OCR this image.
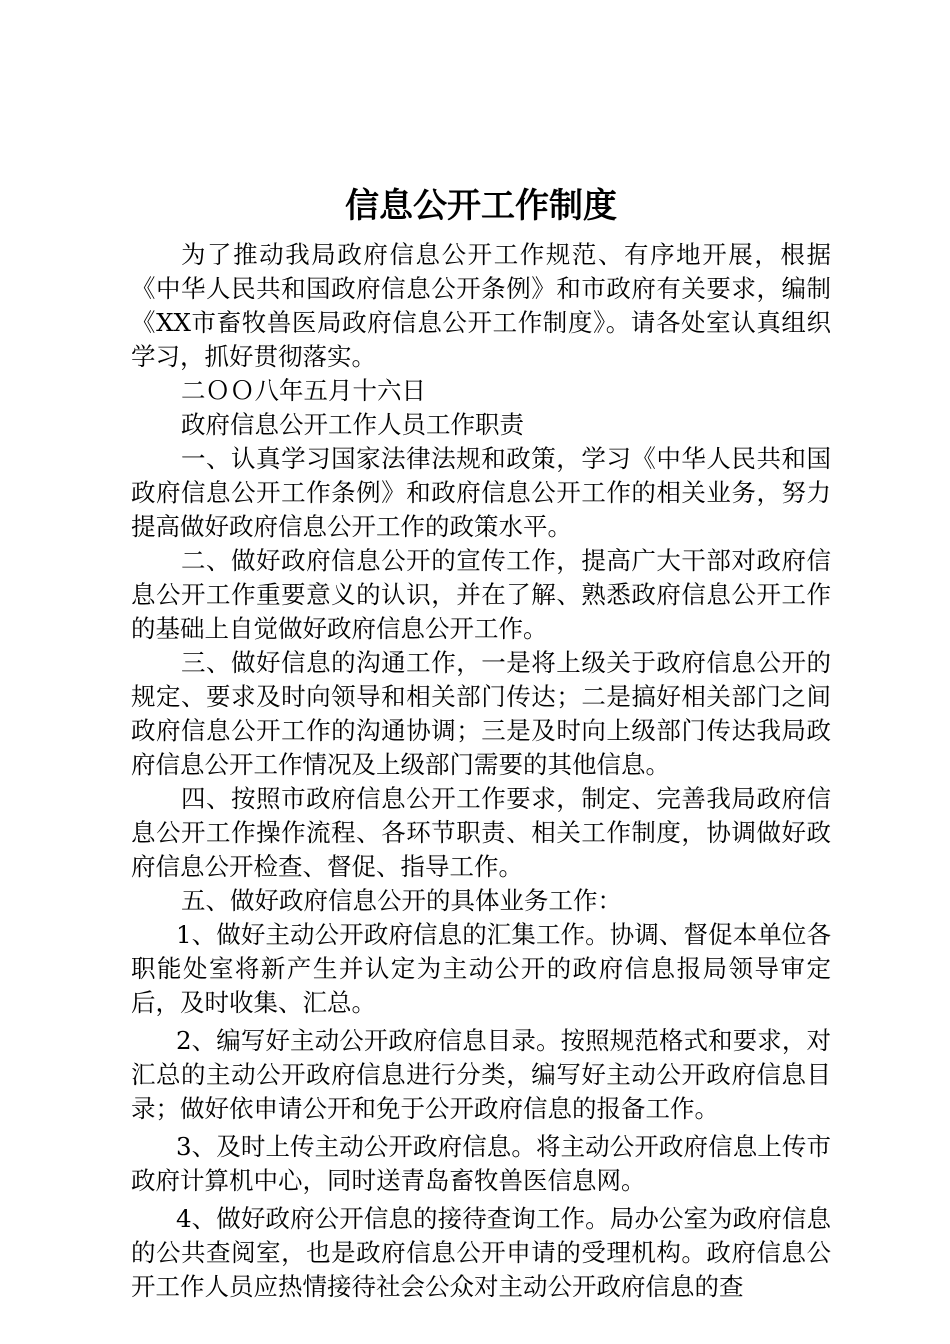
信息公开工作制度

为了推动我局政府信息公开工作规范、有序地开展，根据《中华人民共和国政府信息公开条例》和市政府有关要求，编制《XX市畜牧兽医局政府信息公开工作制度》。请各处室认真组织学习，抓好贯彻落实。

二ＯＯ八年五月十六日

政府信息公开工作人员工作职责

一、认真学习国家法律法规和政策，学习《中华人民共和国政府信息公开工作条例》和政府信息公开工作的相关业务，努力提高做好政府信息公开工作的政策水平。

二、做好政府信息公开的宣传工作，提高广大干部对政府信息公开工作重要意义的认识，并在了解、熟悉政府信息公开工作的基础上自觉做好政府信息公开工作。

三、做好信息的沟通工作，一是将上级关于政府信息公开的规定、要求及时向领导和相关部门传达；二是搞好相关部门之间政府信息公开工作的沟通协调；三是及时向上级部门传达我局政府信息公开工作情况及上级部门需要的其他信息。

四、按照市政府信息公开工作要求，制定、完善我局政府信息公开工作操作流程、各环节职责、相关工作制度，协调做好政府信息公开检查、督促、指导工作。

五、做好政府信息公开的具体业务工作：

1、做好主动公开政府信息的汇集工作。协调、督促本单位各职能处室将新产生并认定为主动公开的政府信息报局领导审定后，及时收集、汇总。

2、编写好主动公开政府信息目录。按照规范格式和要求，对汇总的主动公开政府信息进行分类，编写好主动公开政府信息目录；做好依申请公开和免于公开政府信息的报备工作。

3、及时上传主动公开政府信息。将主动公开政府信息上传市政府计算机中心，同时送青岛畜牧兽医信息网。

4、做好政府公开信息的接待查询工作。局办公室为政府信息的公共查阅室，也是政府信息公开申请的受理机构。政府信息公开工作人员应热情接待社会公众对主动公开政府信息的查
